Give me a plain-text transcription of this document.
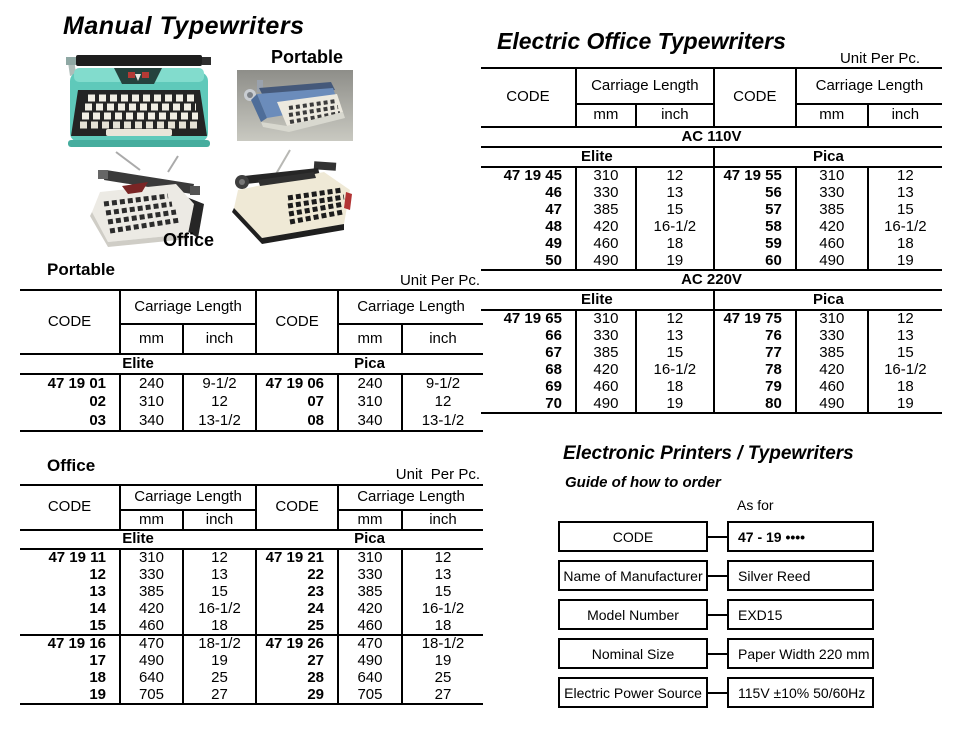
Manual Typewriters
Portable
Office
Portable
Unit Per Pc.
CODE	Carriage Length		CODE	Carriage Length	
	mm	inch		mm	inch
Elite			Pica		
47 19 01	240	9-1/2	47 19 06	240	9-1/2
02	310	12	07	310	12
03	340	13-1/2	08	340	13-1/2
Office	Unit  Per Pc.
CODE	Carriage Length		CODE	Carriage Length	
	mm	inch		mm	inch
Elite			Pica		
47 19 11	310	12	47 19 21	310	12
12	330	13	22	330	13
13	385	15	23	385	15
14	420	16-1/2	24	420	16-1/2
15	460	18	25	460	18
47 19 16	470	18-1/2	47 19 26	470	18-1/2
17	490	19	27	490	19
18	640	25	28	640	25
19	705	27	29	705	27
Electric Office Typewriters
Unit Per Pc.
CODE	Carriage Length		CODE	Carriage Length	
	mm	inch		mm	inch
AC 110V					
Elite			Pica		
47 19 45	310	12	47 19 55	310	12
46	330	13	56	330	13
47	385	15	57	385	15
48	420	16-1/2	58	420	16-1/2
49	460	18	59	460	18
50	490	19	60	490	19
AC 220V					
Elite			Pica		
47 19 65	310	12	47 19 75	310	12
66	330	13	76	330	13
67	385	15	77	385	15
68	420	16-1/2	78	420	16-1/2
69	460	18	79	460	18
70	490	19	80	490	19
Electronic Printers / Typewriters
Guide of how to order
As for
CODE	47 - 19 ••••
Name of Manufacturer	Silver Reed
Model Number	EXD15
Nominal Size	Paper Width 220 mm
Electric Power Source	115V ±10% 50/60Hz
